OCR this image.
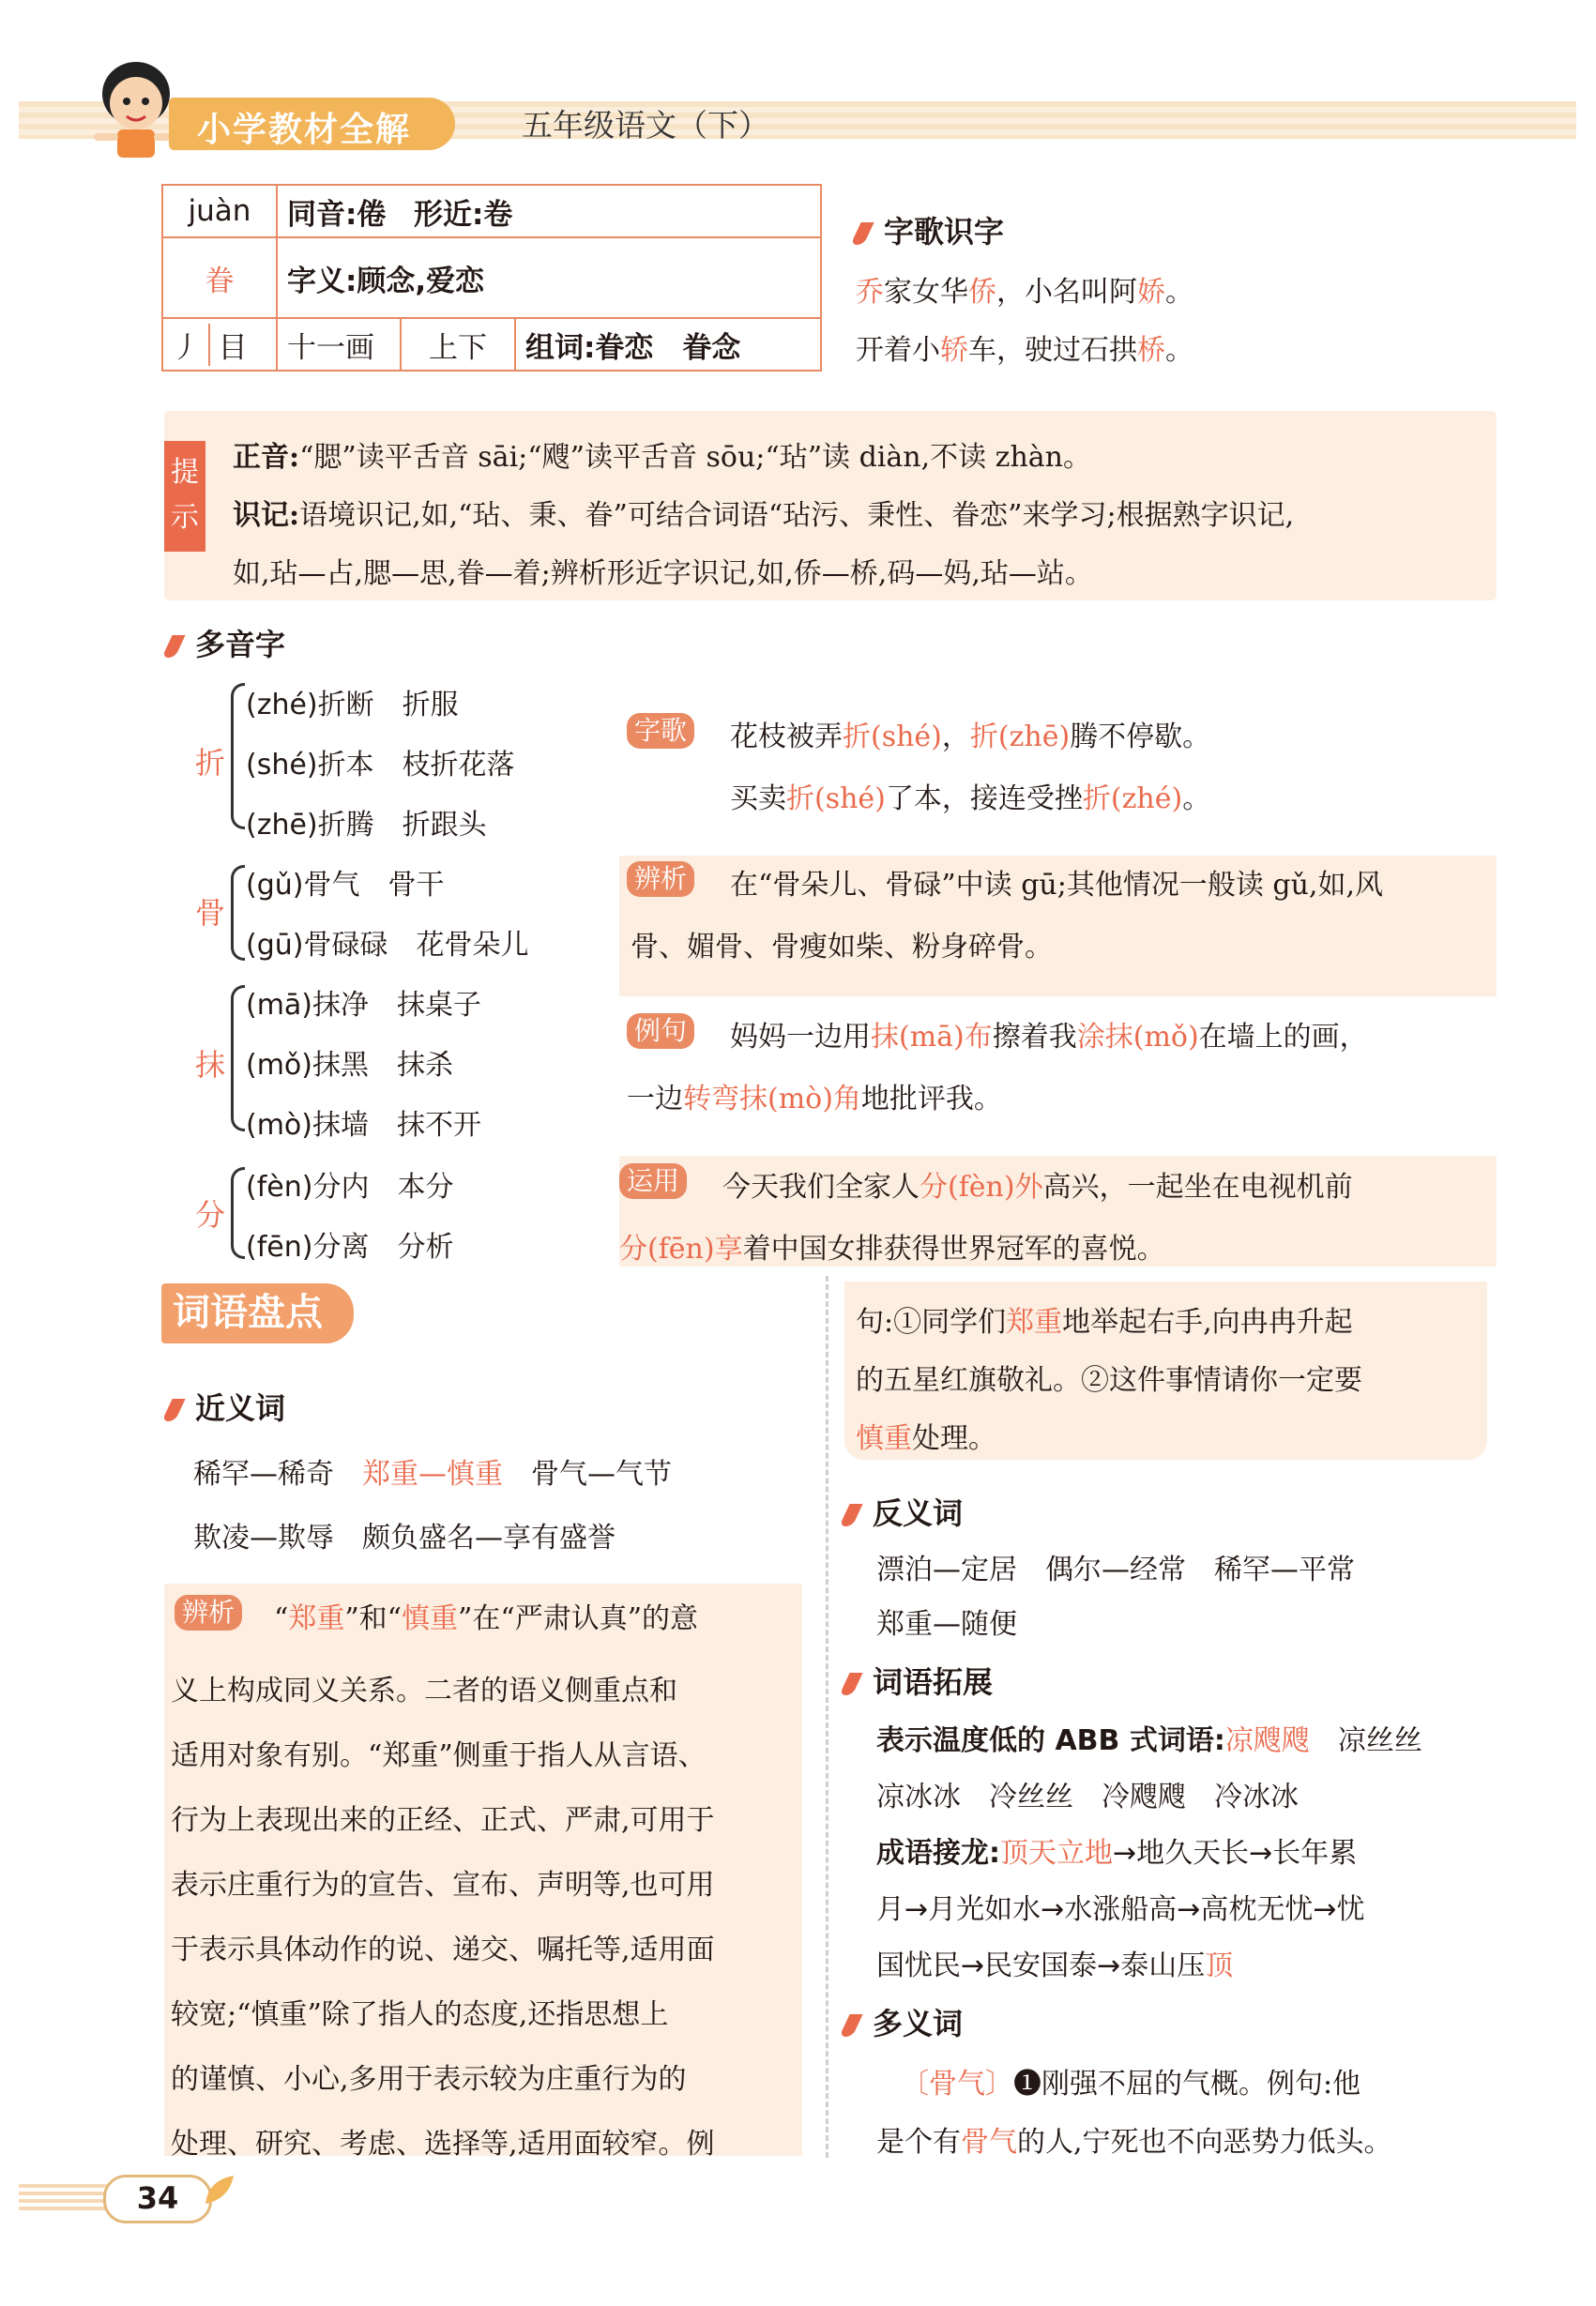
小学教材全解	五年级语文（下）
juàn	同音:倦 形近:卷		
眷	字义:顾念,爱恋		
丿 目	十一画	上下	组词:眷恋　眷念
字歌识字
乔家女华侨，小名叫阿娇。
开着小轿车，驶过石拱桥。
提
示
正音:“腮”读平舌音 sāi;“飕”读平舌音 sōu;“玷”读 diàn,不读 zhàn。
识记:语境识记,如,“玷、秉、眷”可结合词语“玷污、秉性、眷恋”来学习;根据熟字识记,
如,玷—占,腮—思,眷—着;辨析形近字识记,如,侨—桥,码—妈,玷—站。
多音字
折
(zhé)折断　折服
(shé)折本　枝折花落
(zhē)折腾　折跟头
字歌 花枝被弄折(shé)，折(zhē)腾不停歇。
买卖折(shé)了本，接连受挫折(zhé)。
骨
(gǔ)骨气　骨干
(gū)骨碌碌　花骨朵儿
辨析 在“骨朵儿、骨碌”中读 gū;其他情况一般读 gǔ,如,风
骨、媚骨、骨瘦如柴、粉身碎骨。
抹
(mā)抹净　抹桌子
(mǒ)抹黑　抹杀
(mò)抹墙　抹不开
例句 妈妈一边用抹(mā)布擦着我涂抹(mǒ)在墙上的画，
一边转弯抹(mò)角地批评我。
分
(fèn)分内　本分
(fēn)分离　分析
运用 今天我们全家人分(fèn)外高兴，一起坐在电视机前
分(fēn)享着中国女排获得世界冠军的喜悦。
词语盘点
近义词
稀罕—稀奇　 郑重—慎重　 骨气—气节
欺凌—欺辱　 颇负盛名—享有盛誉
辨析 “郑重”和“慎重”在“严肃认真”的意
义上构成同义关系。二者的语义侧重点和
适用对象有别。“郑重”侧重于指人从言语、
行为上表现出来的正经、正式、严肃,可用于
表示庄重行为的宣告、宣布、声明等,也可用
于表示具体动作的说、递交、嘱托等,适用面
较宽;“慎重”除了指人的态度,还指思想上
的谨慎、小心,多用于表示较为庄重行为的
处理、研究、考虑、选择等,适用面较窄。例
句:①同学们郑重地举起右手,向冉冉升起
的五星红旗敬礼。②这件事情请你一定要
慎重处理。
反义词
漂泊—定居　 偶尔—经常　 稀罕—平常
郑重—随便
词语拓展
表示温度低的 ABB 式词语:凉飕飕　 凉丝丝
凉冰冰　冷丝丝　冷飕飕　冷冰冰
成语接龙:顶天立地→地久天长→长年累
月→月光如水→水涨船高→高枕无忧→忧
国忧民→民安国泰→泰山压顶
多义词
〔骨气〕❶刚强不屈的气概。例句:他
是个有骨气的人,宁死也不向恶势力低头。
34
